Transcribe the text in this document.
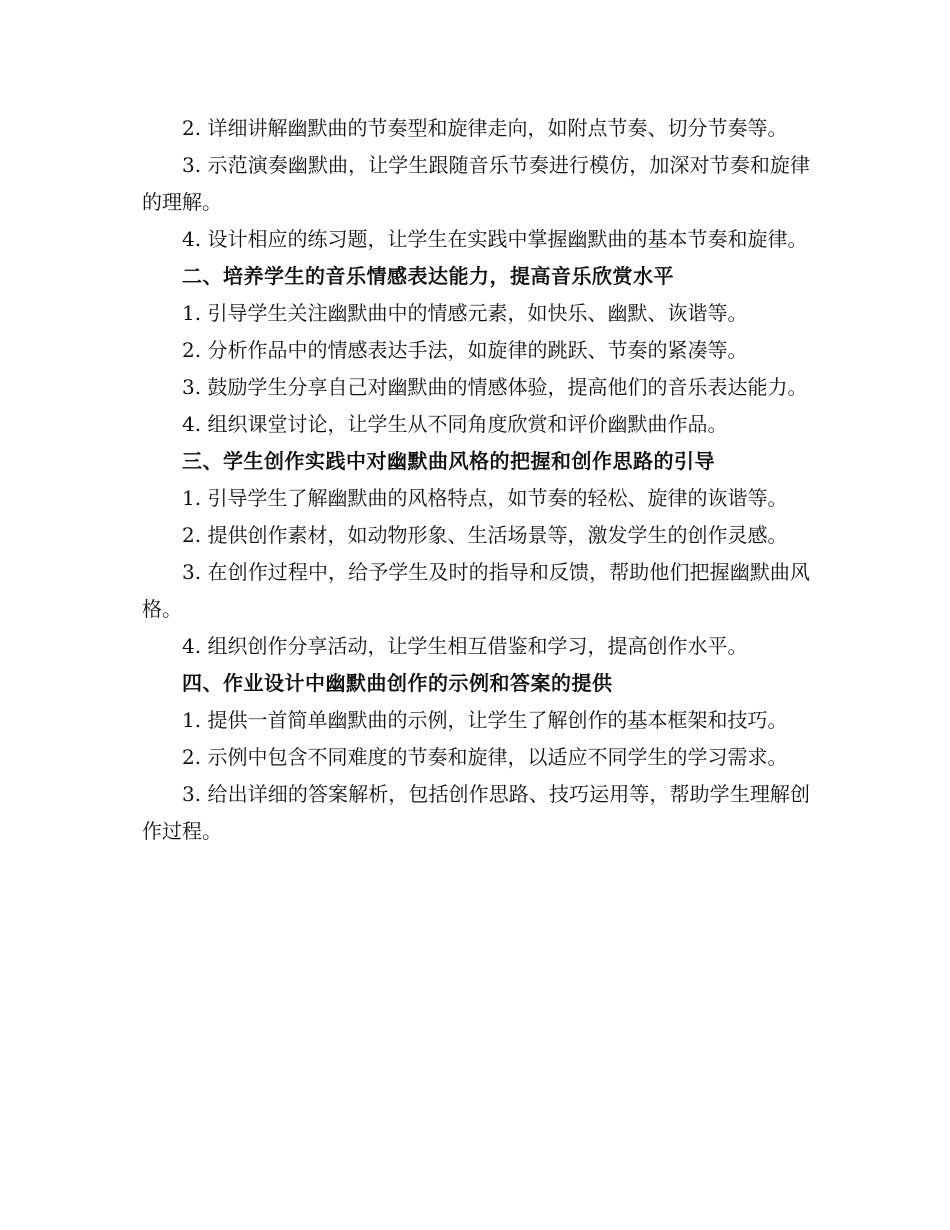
2. 详细讲解幽默曲的节奏型和旋律走向，如附点节奏、切分节奏等。

3. 示范演奏幽默曲，让学生跟随音乐节奏进行模仿，加深对节奏和旋律的理解。

4. 设计相应的练习题，让学生在实践中掌握幽默曲的基本节奏和旋律。

二、培养学生的音乐情感表达能力，提高音乐欣赏水平

1. 引导学生关注幽默曲中的情感元素，如快乐、幽默、诙谐等。

2. 分析作品中的情感表达手法，如旋律的跳跃、节奏的紧凑等。

3. 鼓励学生分享自己对幽默曲的情感体验，提高他们的音乐表达能力。

4. 组织课堂讨论，让学生从不同角度欣赏和评价幽默曲作品。

三、学生创作实践中对幽默曲风格的把握和创作思路的引导

1. 引导学生了解幽默曲的风格特点，如节奏的轻松、旋律的诙谐等。

2. 提供创作素材，如动物形象、生活场景等，激发学生的创作灵感。

3. 在创作过程中，给予学生及时的指导和反馈，帮助他们把握幽默曲风格。

4. 组织创作分享活动，让学生相互借鉴和学习，提高创作水平。

四、作业设计中幽默曲创作的示例和答案的提供

1. 提供一首简单幽默曲的示例，让学生了解创作的基本框架和技巧。

2. 示例中包含不同难度的节奏和旋律，以适应不同学生的学习需求。

3. 给出详细的答案解析，包括创作思路、技巧运用等，帮助学生理解创作过程。
